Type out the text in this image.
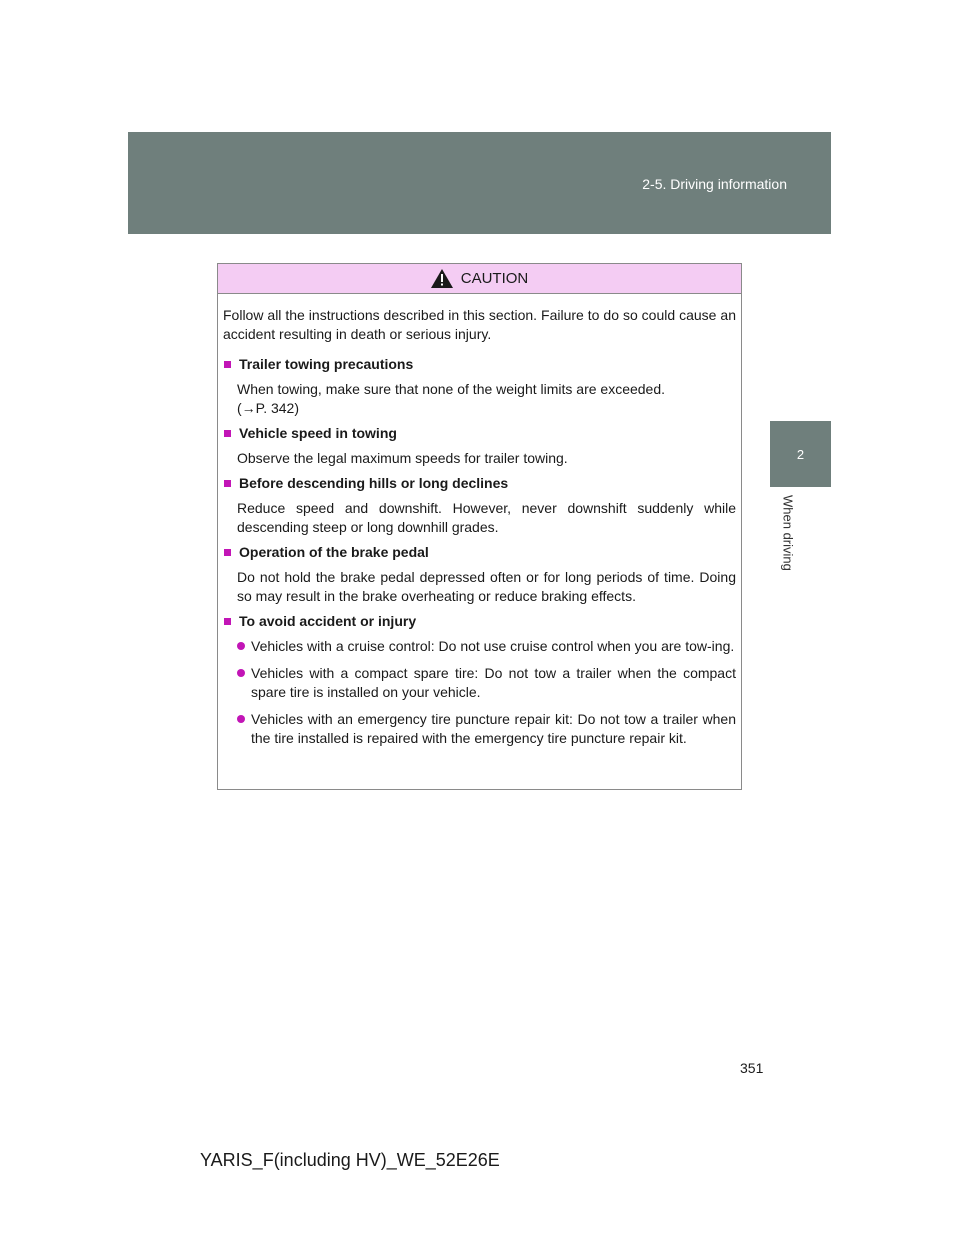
2-5. Driving information
2
When driving
CAUTION

Follow all the instructions described in this section. Failure to do so could cause an accident resulting in death or serious injury.

Trailer towing precautions
When towing, make sure that none of the weight limits are exceeded.
(→P. 342)
Vehicle speed in towing
Observe the legal maximum speeds for trailer towing.
Before descending hills or long declines
Reduce speed and downshift. However, never downshift suddenly while descending steep or long downhill grades.
Operation of the brake pedal
Do not hold the brake pedal depressed often or for long periods of time. Doing so may result in the brake overheating or reduce braking effects.
To avoid accident or injury
Vehicles with a cruise control: Do not use cruise control when you are tow-ing.
Vehicles with a compact spare tire: Do not tow a trailer when the compact spare tire is installed on your vehicle.
Vehicles with an emergency tire puncture repair kit: Do not tow a trailer when the tire installed is repaired with the emergency tire puncture repair kit.
351
YARIS_F(including HV)_WE_52E26E
